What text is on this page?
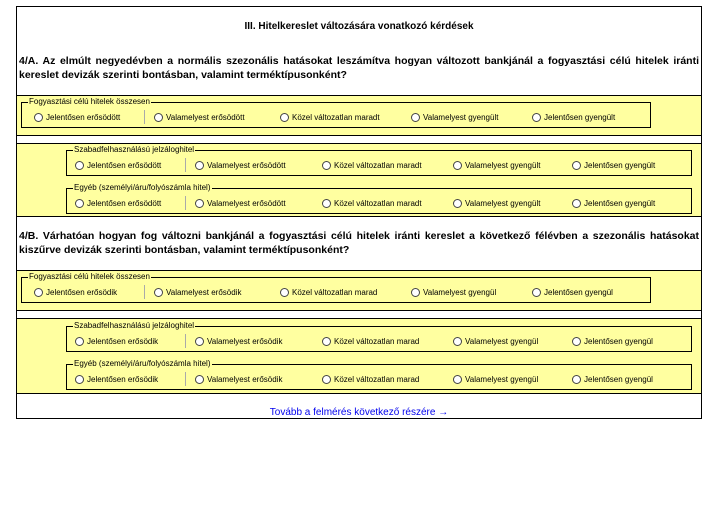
III. Hitelkereslet változására vonatkozó kérdések
4/A. Az elmúlt negyedévben a normális szezonális hatásokat leszámítva hogyan változott bankjánál a fogyasztási célú hitelek iránti kereslet devizák szerinti bontásban, valamint terméktípusonként?
Fogyasztási célú hitelek összesen
Jelentősen erősödött	Valamelyest erősödött	Közel változatlan maradt	Valamelyest gyengült	Jelentősen gyengült
Szabadfelhasználású jelzáloghitel
Jelentősen erősödött	Valamelyest erősödött	Közel változatlan maradt	Valamelyest gyengült	Jelentősen gyengült
Egyéb (személyi/áru/folyószámla hitel)
Jelentősen erősödött	Valamelyest erősödött	Közel változatlan maradt	Valamelyest gyengült	Jelentősen gyengült
4/B. Várhatóan hogyan fog változni bankjánál a fogyasztási célú hitelek iránti kereslet a következő félévben a szezonális hatásokat kiszűrve devizák szerinti bontásban, valamint terméktípusonként?
Fogyasztási célú hitelek összesen
Jelentősen erősödik	Valamelyest erősödik	Közel változatlan marad	Valamelyest gyengül	Jelentősen gyengül
Szabadfelhasználású jelzáloghitel
Jelentősen erősödik	Valamelyest erősödik	Közel változatlan marad	Valamelyest gyengül	Jelentősen gyengül
Egyéb (személyi/áru/folyószámla hitel)
Jelentősen erősödik	Valamelyest erősödik	Közel változatlan marad	Valamelyest gyengül	Jelentősen gyengül
Tovább a felmérés következő részére →
